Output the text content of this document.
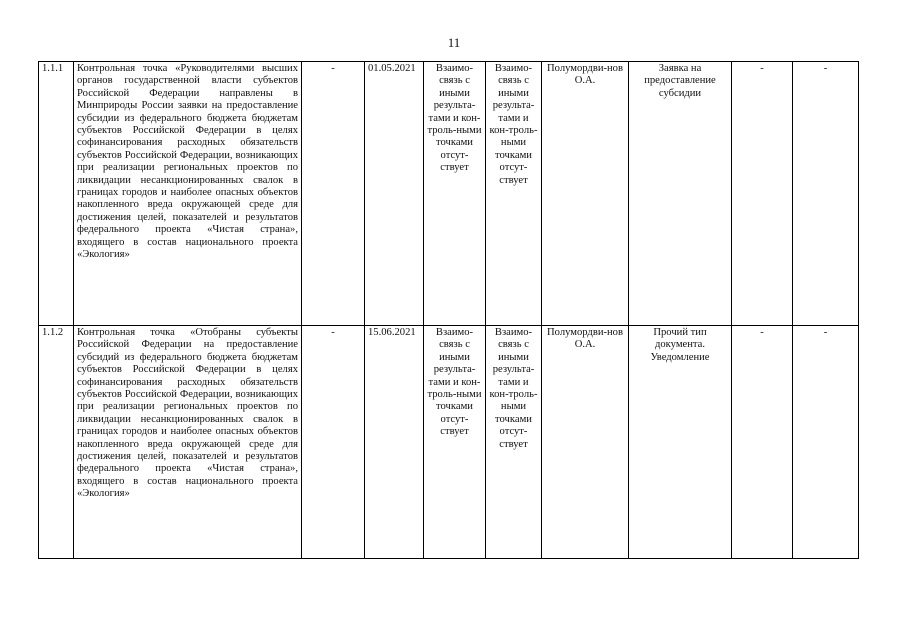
11
1.1.1	Контрольная точка «Руководителями высших органов государственной власти субъектов Российской Федерации направлены в Минприроды России заявки на предоставление субсидии из федерального бюджета бюджетам субъектов Российской Федерации в целях софинансирования расходных обязательств субъектов Российской Федерации, возникающих при реализации региональных проектов по ликвидации несанкционированных свалок в границах городов и наиболее опасных объектов накопленного вреда окружающей среде для достижения целей, показателей и результатов федерального проекта «Чистая страна», входящего в состав национального проекта «Экология»	-	01.05.2021	Взаимо-связь с иными результа-тами и кон-троль-ными точками отсут-ствует	Взаимо-связь с иными результа-тами и кон-троль-ными точками отсут-ствует	Полумордви-нов О.А.	Заявка на предоставление субсидии	-	-
1.1.2	Контрольная точка «Отобраны субъекты Российской Федерации на предоставление субсидий из федерального бюджета бюджетам субъектов Российской Федерации в целях софинансирования расходных обязательств субъектов Российской Федерации, возникающих при реализации региональных проектов по ликвидации несанкционированных свалок в границах городов и наиболее опасных объектов накопленного вреда окружающей среде для достижения целей, показателей и результатов федерального проекта «Чистая страна», входящего в состав национального проекта «Экология»	-	15.06.2021	Взаимо-связь с иными результа-тами и кон-троль-ными точками отсут-ствует	Взаимо-связь с иными результа-тами и кон-троль-ными точками отсут-ствует	Полумордви-нов О.А.	Прочий тип документа. Уведомление	-	-
